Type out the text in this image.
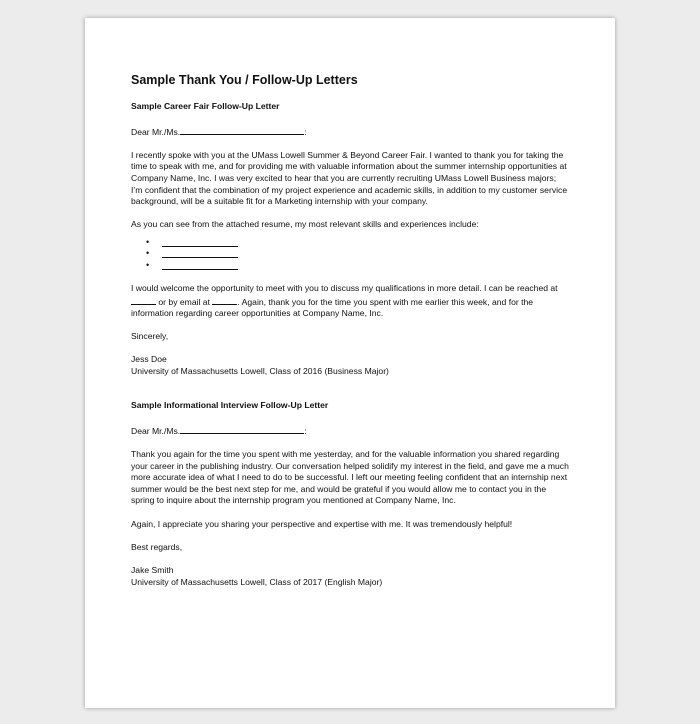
Sample Thank You / Follow-Up Letters
Sample Career Fair Follow-Up Letter

Dear Mr./Ms.	:

I recently spoke with you at the UMass Lowell Summer & Beyond Career Fair. I wanted to thank you for taking the time to speak with me, and for providing me with valuable information about the summer internship opportunities at Company Name, Inc. I was very excited to hear that you are currently recruiting UMass Lowell Business majors; I’m confident that the combination of my project experience and academic skills, in addition to my customer service background, will be a suitable fit for a Marketing internship with your company.

As you can see from the attached resume, my most relevant skills and experiences include:

•
•
•

I would welcome the opportunity to meet with you to discuss my qualifications in more detail. I can be reached at  or by email at	. Again, thank you for the time you spent with me earlier this week, and for the information regarding career opportunities at Company Name, Inc.

Sincerely,

Jess Doe

University of Massachusetts Lowell, Class of 2016 (Business Major)

Sample Informational Interview Follow-Up Letter

Dear Mr./Ms.	:

Thank you again for the time you spent with me yesterday, and for the valuable information you shared regarding your career in the publishing industry. Our conversation helped solidify my interest in the field, and gave me a much more accurate idea of what I need to do to be successful. I left our meeting feeling confident that an internship next summer would be the best next step for me, and would be grateful if you would allow me to contact you in the spring to inquire about the internship program you mentioned at Company Name, Inc.

Again, I appreciate you sharing your perspective and expertise with me. It was tremendously helpful!

Best regards,

Jake Smith

University of Massachusetts Lowell, Class of 2017 (English Major)
